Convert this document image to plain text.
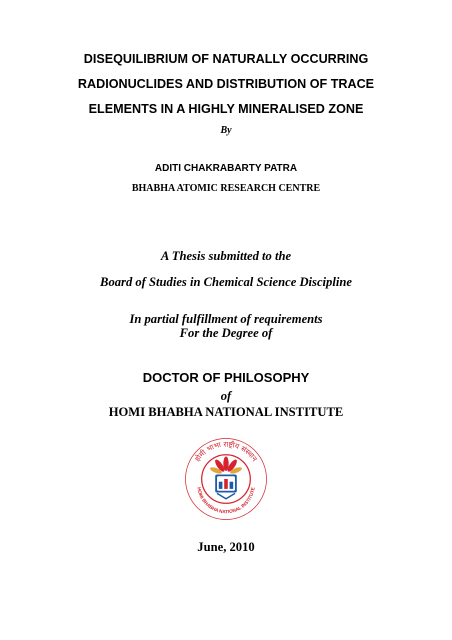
DISEQUILIBRIUM OF NATURALLY OCCURRING
RADIONUCLIDES AND DISTRIBUTION OF TRACE
ELEMENTS IN A HIGHLY MINERALISED ZONE
By
ADITI CHAKRABARTY PATRA
BHABHA ATOMIC RESEARCH CENTRE
A Thesis submitted to the
Board of Studies in Chemical Science Discipline
In partial fulfillment of requirements
For the Degree of
DOCTOR OF PHILOSOPHY
of
HOMI BHABHA NATIONAL INSTITUTE
होमी भाभा राष्ट्रीय संस्थान
HOMI BHABHA NATIONAL INSTITUTE
June, 2010
